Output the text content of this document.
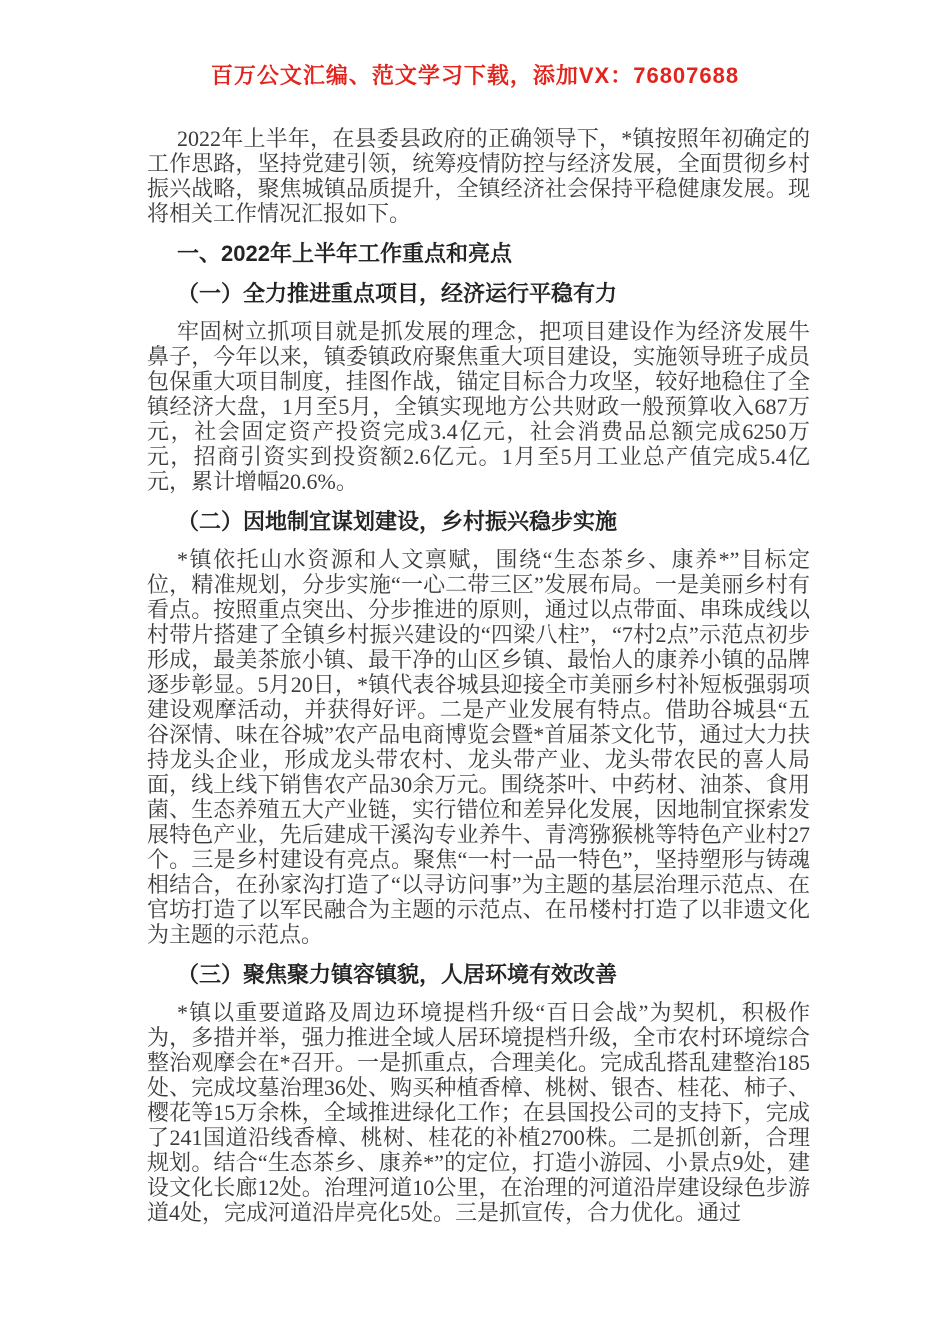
百万公文汇编、范文学习下载，添加VX：76807688

2022年上半年，在县委县政府的正确领导下，*镇按照年初确定的工作思路，坚持党建引领，统筹疫情防控与经济发展，全面贯彻乡村振兴战略，聚焦城镇品质提升，全镇经济社会保持平稳健康发展。现将相关工作情况汇报如下。

一、2022年上半年工作重点和亮点

（一）全力推进重点项目，经济运行平稳有力

牢固树立抓项目就是抓发展的理念，把项目建设作为经济发展牛鼻子，今年以来，镇委镇政府聚焦重大项目建设，实施领导班子成员包保重大项目制度，挂图作战，锚定目标合力攻坚，较好地稳住了全镇经济大盘，1月至5月，全镇实现地方公共财政一般预算收入687万元，社会固定资产投资完成3.4亿元，社会消费品总额完成6250万元，招商引资实到投资额2.6亿元。1月至5月工业总产值完成5.4亿元，累计增幅20.6%。

（二）因地制宜谋划建设，乡村振兴稳步实施

*镇依托山水资源和人文禀赋，围绕“生态茶乡、康养*”目标定位，精准规划，分步实施“一心二带三区”发展布局。一是美丽乡村有看点。按照重点突出、分步推进的原则，通过以点带面、串珠成线以村带片搭建了全镇乡村振兴建设的“四梁八柱”，“7村2点”示范点初步形成，最美茶旅小镇、最干净的山区乡镇、最怡人的康养小镇的品牌逐步彰显。5月20日，*镇代表谷城县迎接全市美丽乡村补短板强弱项建设观摩活动，并获得好评。二是产业发展有特点。借助谷城县“五谷深情、味在谷城”农产品电商博览会暨*首届茶文化节，通过大力扶持龙头企业，形成龙头带农村、龙头带产业、龙头带农民的喜人局面，线上线下销售农产品30余万元。围绕茶叶、中药材、油茶、食用菌、生态养殖五大产业链，实行错位和差异化发展，因地制宜探索发展特色产业，先后建成干溪沟专业养牛、青湾猕猴桃等特色产业村27个。三是乡村建设有亮点。聚焦“一村一品一特色”，坚持塑形与铸魂相结合，在孙家沟打造了“以寻访问事”为主题的基层治理示范点、在官坊打造了以军民融合为主题的示范点、在吊楼村打造了以非遗文化为主题的示范点。

（三）聚焦聚力镇容镇貌，人居环境有效改善

*镇以重要道路及周边环境提档升级“百日会战”为契机，积极作为，多措并举，强力推进全域人居环境提档升级，全市农村环境综合整治观摩会在*召开。一是抓重点，合理美化。完成乱搭乱建整治185处、完成坟墓治理36处、购买种植香樟、桃树、银杏、桂花、柿子、樱花等15万余株，全域推进绿化工作；在县国投公司的支持下，完成了241国道沿线香樟、桃树、桂花的补植2700株。二是抓创新，合理规划。结合“生态茶乡、康养*”的定位，打造小游园、小景点9处，建设文化长廊12处。治理河道10公里，在治理的河道沿岸建设绿色步游道4处，完成河道沿岸亮化5处。三是抓宣传，合力优化。通过
